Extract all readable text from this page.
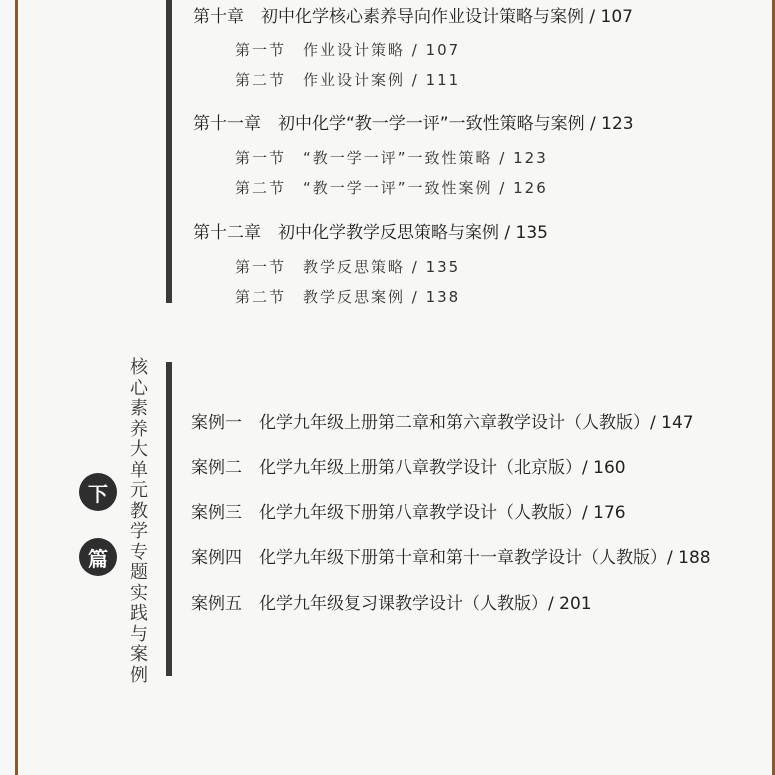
第十章　初中化学核心素养导向作业设计策略与案例 / 107
第一节　作业设计策略 / 107
第二节　作业设计案例 / 111
第十一章　初中化学“教一学一评”一致性策略与案例 / 123
第一节　“教一学一评”一致性策略 / 123
第二节　“教一学一评”一致性案例 / 126
第十二章　初中化学教学反思策略与案例 / 135
第一节　教学反思策略 / 135
第二节　教学反思案例 / 138
核心素养大单元教学专题实践与案例
下
篇
案例一　化学九年级上册第二章和第六章教学设计（人教版）/ 147
案例二　化学九年级上册第八章教学设计（北京版）/ 160
案例三　化学九年级下册第八章教学设计（人教版）/ 176
案例四　化学九年级下册第十章和第十一章教学设计（人教版）/ 188
案例五　化学九年级复习课教学设计（人教版）/ 201
